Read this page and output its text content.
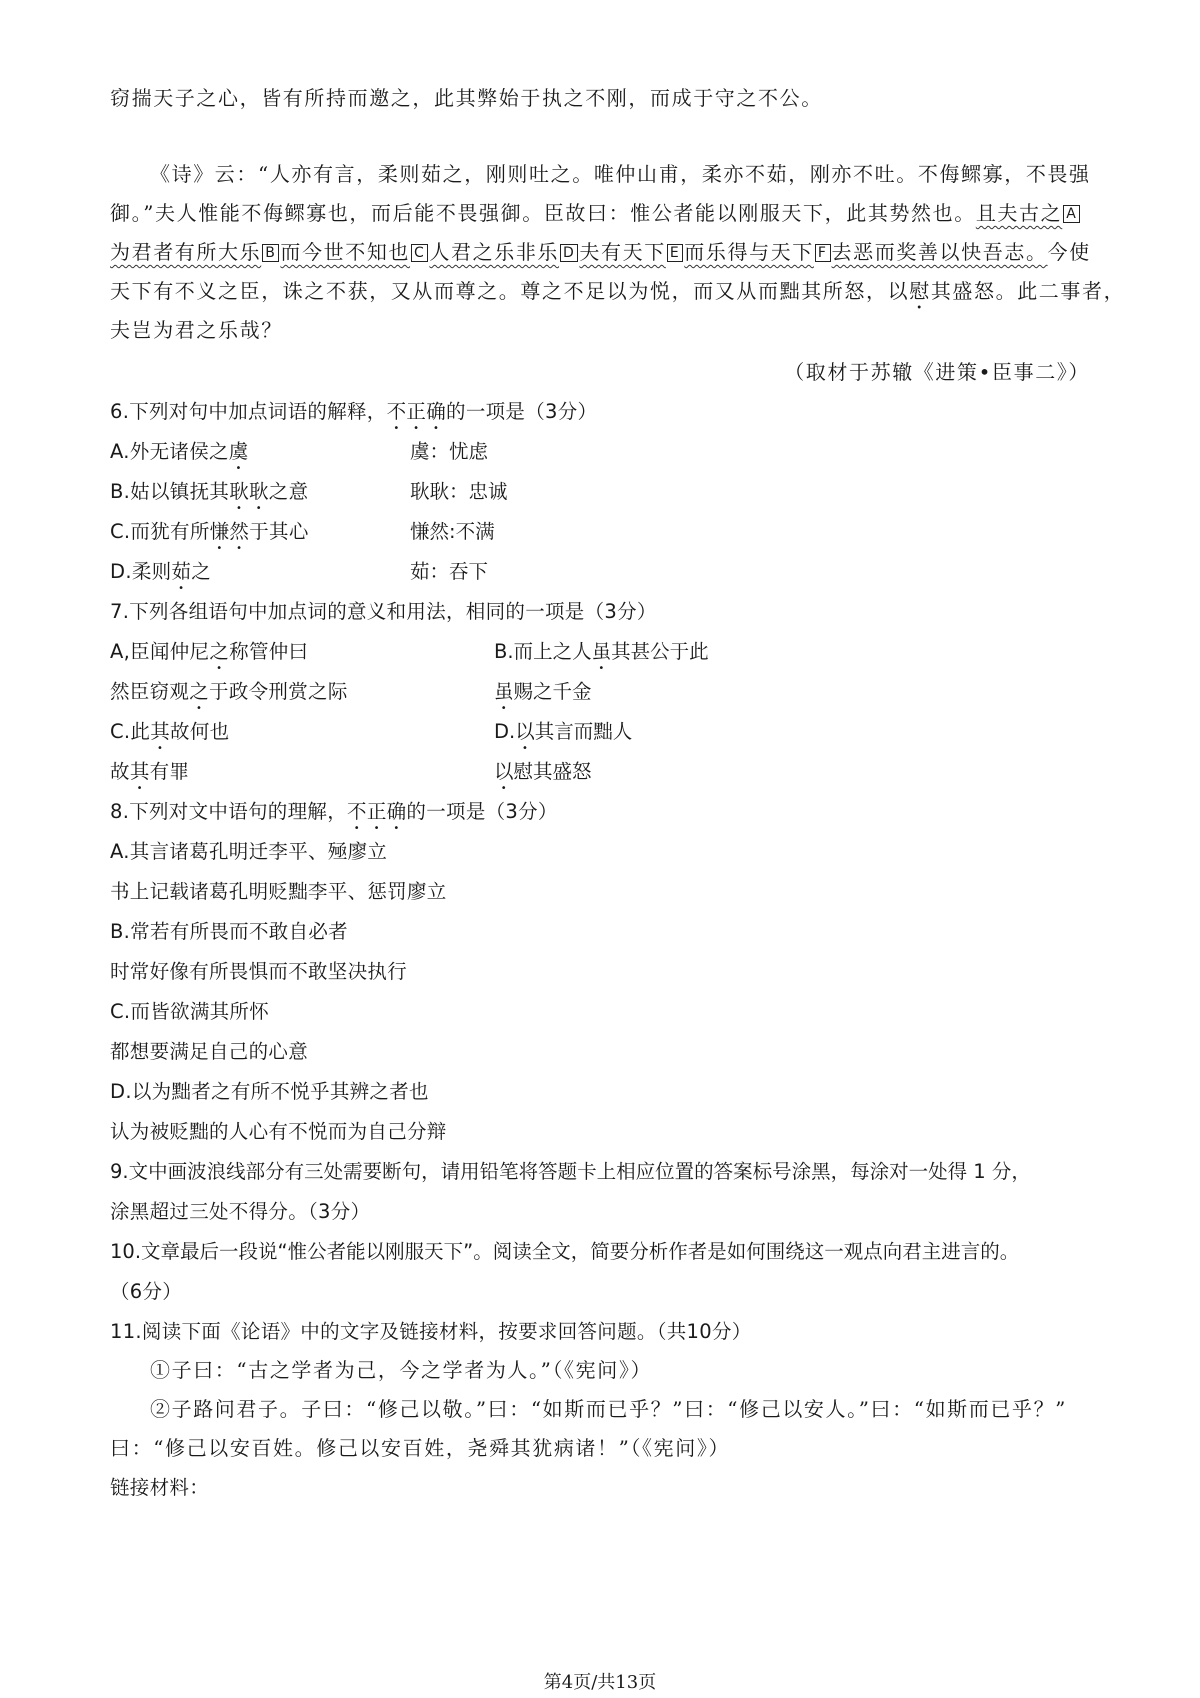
窃揣天子之心，皆有所持而邀之，此其弊始于执之不刚，而成于守之不公。
《诗》云：“人亦有言，柔则茹之，刚则吐之。唯仲山甫，柔亦不茹，刚亦不吐。不侮鳏寡，不畏强
御。”夫人惟能不侮鳏寡也，而后能不畏强御。臣故曰：惟公者能以刚服天下，此其势然也。且夫古之 A
为君者有所大乐 B 而今世不知也 C 人君之乐非乐 D 夫有天下 E 而乐得与天下 F 去恶而奖善以快吾志。今使
天下有不义之臣，诛之不获，又从而尊之。尊之不足以为悦，而又从而黜其所怒，以慰其盛怒。此二事者，
夫岂为君之乐哉？
（取材于苏辙《进策•臣事二》）
6.下列对句中加点词语的解释，不正确的一项是（3分）
A.外无诸侯之虞	虞：忧虑
B.姑以镇抚其耿耿之意	耿耿：忠诚
C.而犹有所慊然于其心	慊然:不满
D.柔则茹之	茹：吞下
7.下列各组语句中加点词的意义和用法，相同的一项是（3分）
A,臣闻仲尼之称管仲曰	B.而上之人虽其甚公于此
然臣窃观之于政令刑赏之际	虽赐之千金
C.此其故何也	D.以其言而黜人
故其有罪	以慰其盛怒
8.下列对文中语句的理解，不正确的一项是（3分）
A.其言诸葛孔明迁李平、殛廖立
书上记载诸葛孔明贬黜李平、惩罚廖立
B.常若有所畏而不敢自必者
时常好像有所畏惧而不敢坚决执行
C.而皆欲满其所怀
都想要满足自己的心意
D.以为黜者之有所不悦乎其辨之者也
认为被贬黜的人心有不悦而为自己分辩
9.文中画波浪线部分有三处需要断句，请用铅笔将答题卡上相应位置的答案标号涂黑，每涂对一处得 1 分，
涂黑超过三处不得分。（3分）
10.文章最后一段说“惟公者能以刚服天下”。阅读全文，简要分析作者是如何围绕这一观点向君主进言的。
（6分）
11.阅读下面《论语》中的文字及链接材料，按要求回答问题。（共10分）
①子曰：“古之学者为己，今之学者为人。”（《宪问》）
②子路问君子。子曰：“修己以敬。”曰：“如斯而已乎？”曰：“修己以安人。”曰：“如斯而已乎？”
曰：“修己以安百姓。修己以安百姓，尧舜其犹病诸！”（《宪问》）
链接材料：
第4页/共13页
